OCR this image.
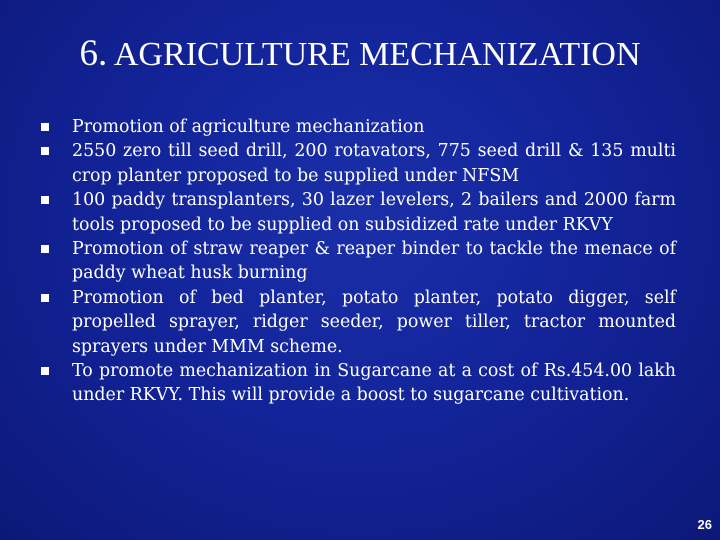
6. AGRICULTURE MECHANIZATION
Promotion of agriculture mechanization
2550 zero till seed drill, 200 rotavators, 775 seed drill & 135 multi crop planter proposed to be supplied under NFSM
100 paddy transplanters, 30 lazer levelers, 2 bailers and 2000 farm tools proposed to be supplied on subsidized rate under RKVY
Promotion of straw reaper & reaper binder to tackle the menace of paddy wheat husk burning
Promotion of bed planter, potato planter, potato digger, self propelled sprayer, ridger seeder, power tiller, tractor mounted sprayers under MMM scheme.
To promote mechanization in Sugarcane at a cost of Rs.454.00 lakh under RKVY. This will provide a boost to sugarcane cultivation.
26
